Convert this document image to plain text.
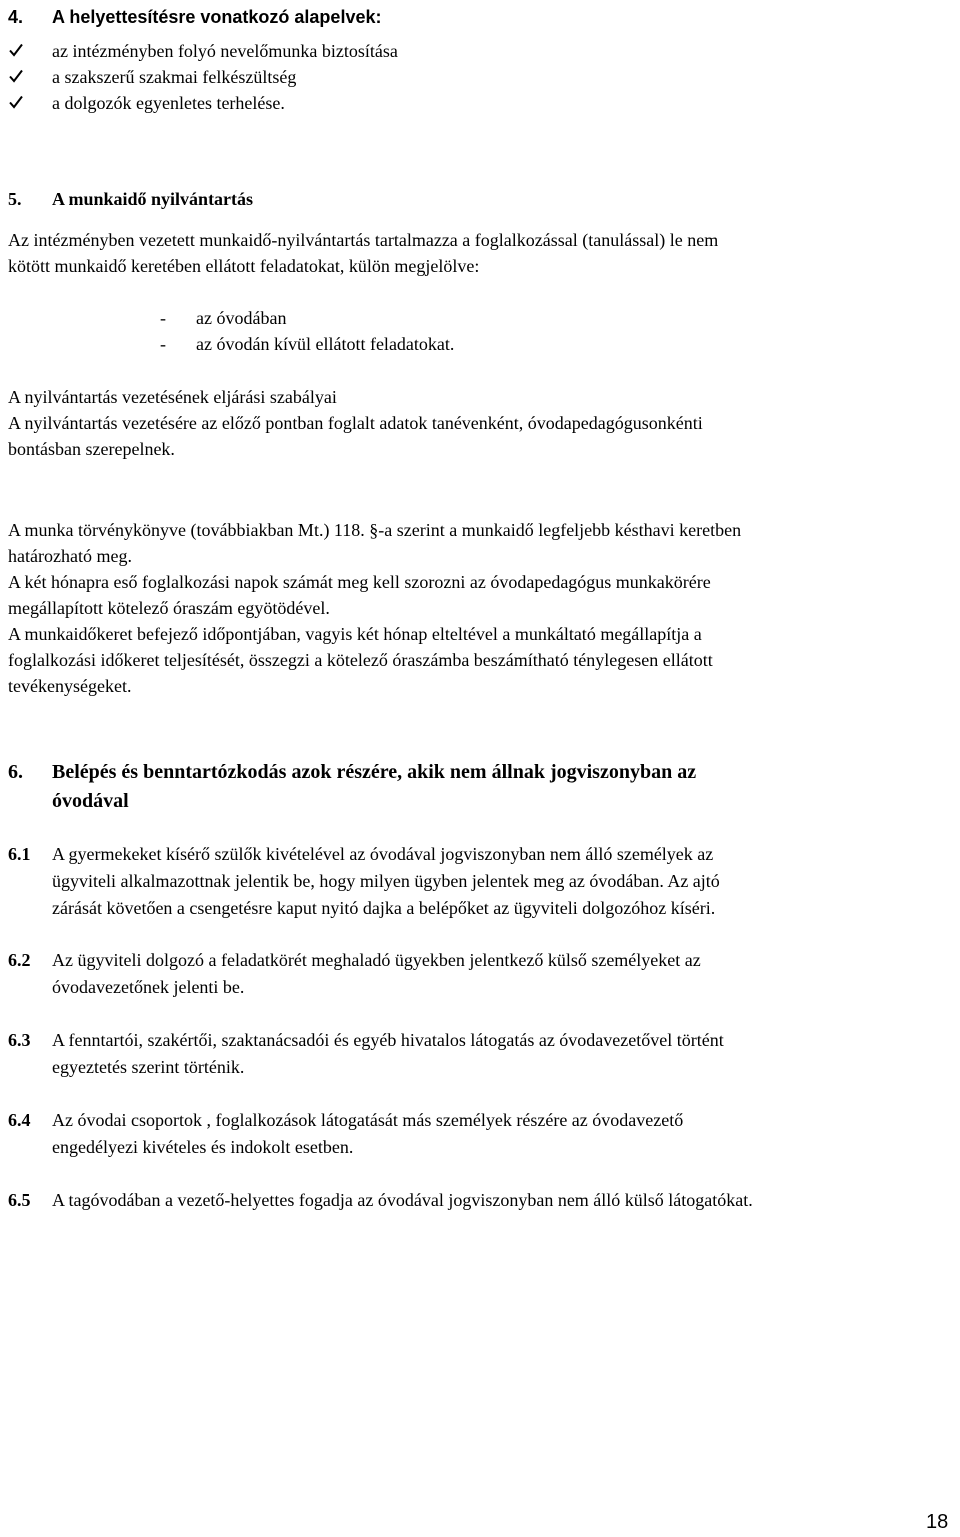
4. A helyettesítésre vonatkozó alapelvek:
az intézményben folyó nevelőmunka biztosítása
a szakszerű szakmai felkészültség
a dolgozók egyenletes terhelése.
5. A munkaidő nyilvántartás
Az intézményben vezetett munkaidő-nyilvántartás tartalmazza a foglalkozással (tanulással) le nem
kötött munkaidő keretében ellátott feladatokat, külön megjelölve:
- az óvodában
- az óvodán kívül ellátott feladatokat.
A nyilvántartás vezetésének eljárási szabályai
A nyilvántartás vezetésére az előző pontban foglalt adatok tanévenként, óvodapedagógusonkénti
bontásban szerepelnek.
A munka törvénykönyve (továbbiakban Mt.) 118. §-a szerint a munkaidő legfeljebb késthavi keretben
határozható meg.
A két hónapra eső foglalkozási napok számát meg kell szorozni az óvodapedagógus munkakörére
megállapított kötelező óraszám egyötödével.
A munkaidőkeret befejező időpontjában, vagyis két hónap elteltével a munkáltató megállapítja a
foglalkozási időkeret teljesítését, összegzi a kötelező óraszámba beszámítható ténylegesen ellátott
tevékenységeket.
6. Belépés és benntartózkodás azok részére, akik nem állnak jogviszonyban az
óvodával
6.1 A gyermekeket kísérő szülők kivételével az óvodával jogviszonyban nem álló személyek az
ügyviteli alkalmazottnak jelentik be, hogy milyen ügyben jelentek meg az óvodában. Az ajtó
zárását követően a csengetésre kaput nyitó dajka a belépőket az ügyviteli dolgozóhoz kíséri.
6.2 Az ügyviteli dolgozó a feladatkörét meghaladó ügyekben jelentkező külső személyeket az
óvodavezetőnek jelenti be.
6.3 A fenntartói, szakértői, szaktanácsadói és egyéb hivatalos látogatás az óvodavezetővel történt
egyeztetés szerint történik.
6.4 Az óvodai csoportok , foglalkozások látogatását más személyek részére az óvodavezető
engedélyezi kivételes és indokolt esetben.
6.5 A tagóvodában a vezető-helyettes fogadja az óvodával jogviszonyban nem álló külső látogatókat.
18
